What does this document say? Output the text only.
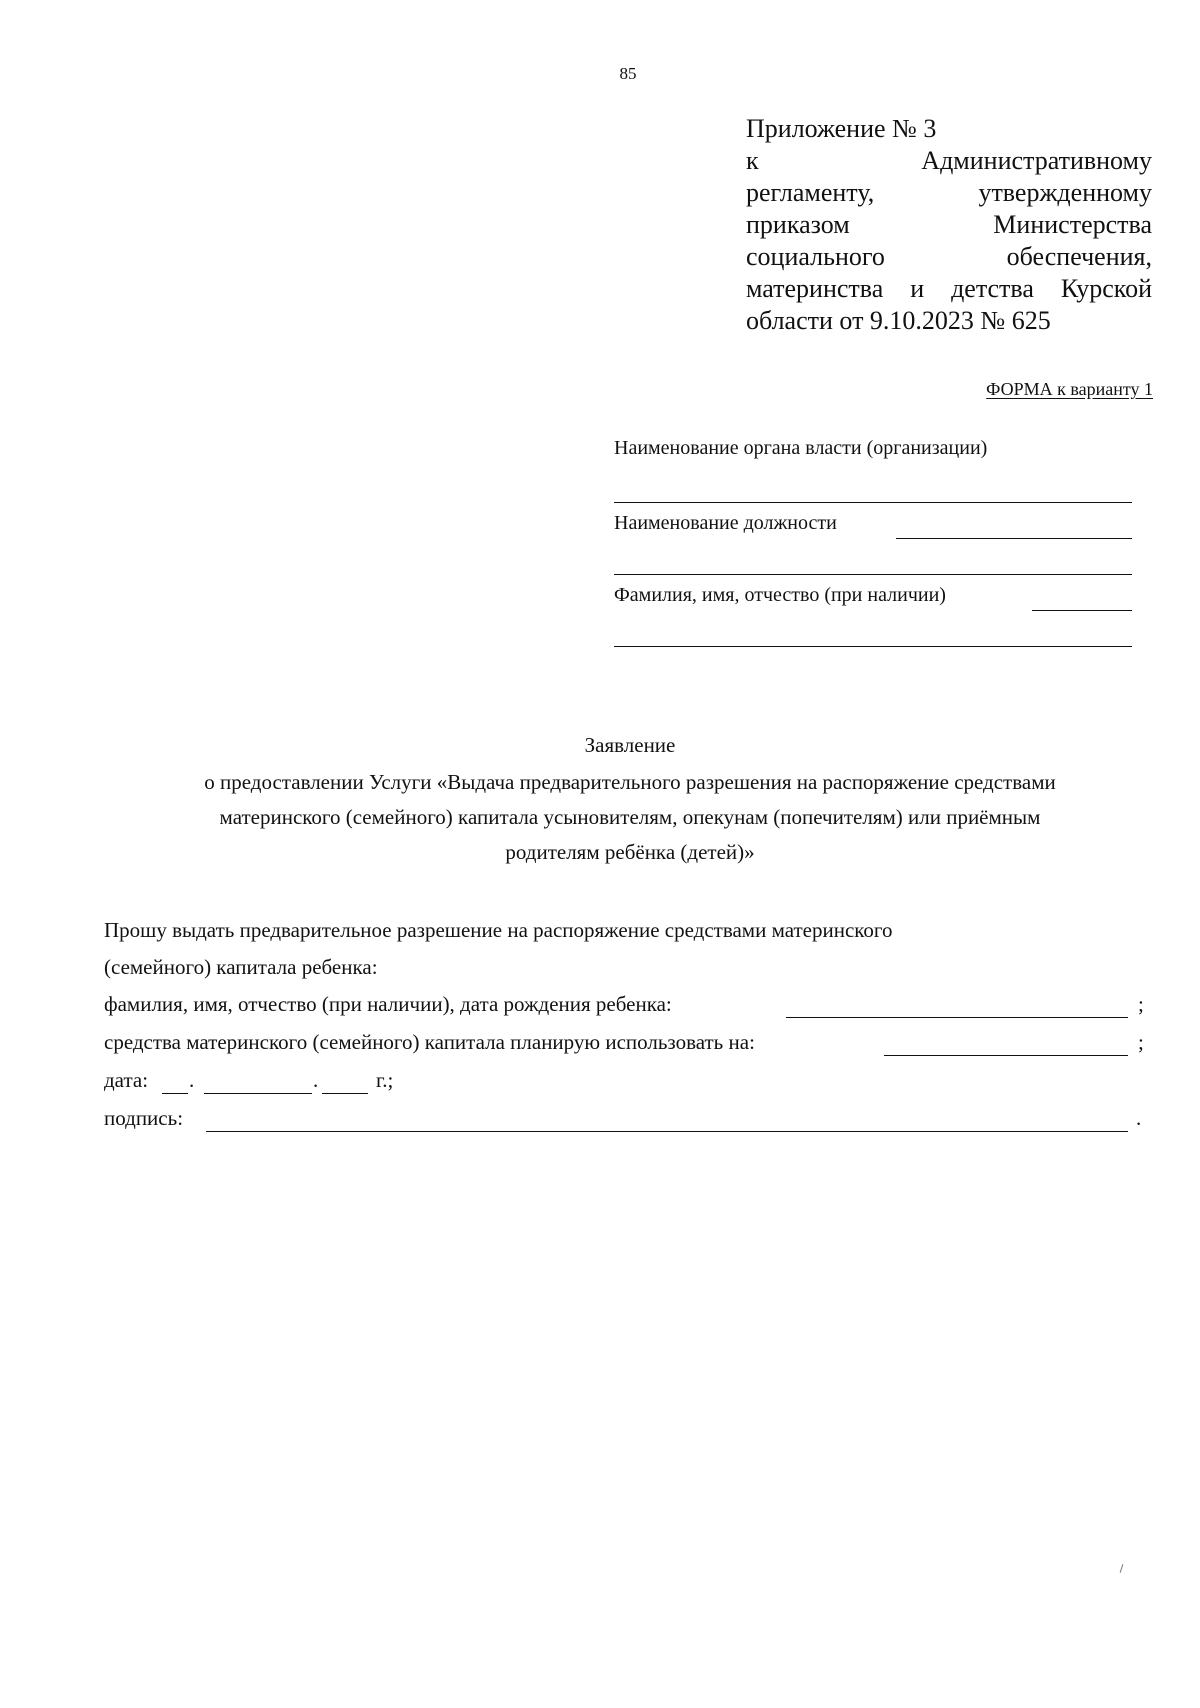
85
Приложение № 3
к Административному
регламенту, утвержденному
приказом Министерства
социального обеспечения,
материнства и детства Курской
области от 9.10.2023 № 625
ФОРМА к варианту 1
Наименование органа власти (организации)
Наименование должности
Фамилия, имя, отчество (при наличии)
Заявление
о предоставлении Услуги «Выдача предварительного разрешения на распоряжение средствами
материнского (семейного) капитала усыновителям, опекунам (попечителям) или приёмным
родителям ребёнка (детей)»
Прошу выдать предварительное разрешение на распоряжение средствами материнского
(семейного) капитала ребенка:
фамилия, имя, отчество (при наличии), дата рождения ребенка:	;
средства материнского (семейного) капитала планирую использовать на:	;
дата: .	.	г.;
подпись:	.
